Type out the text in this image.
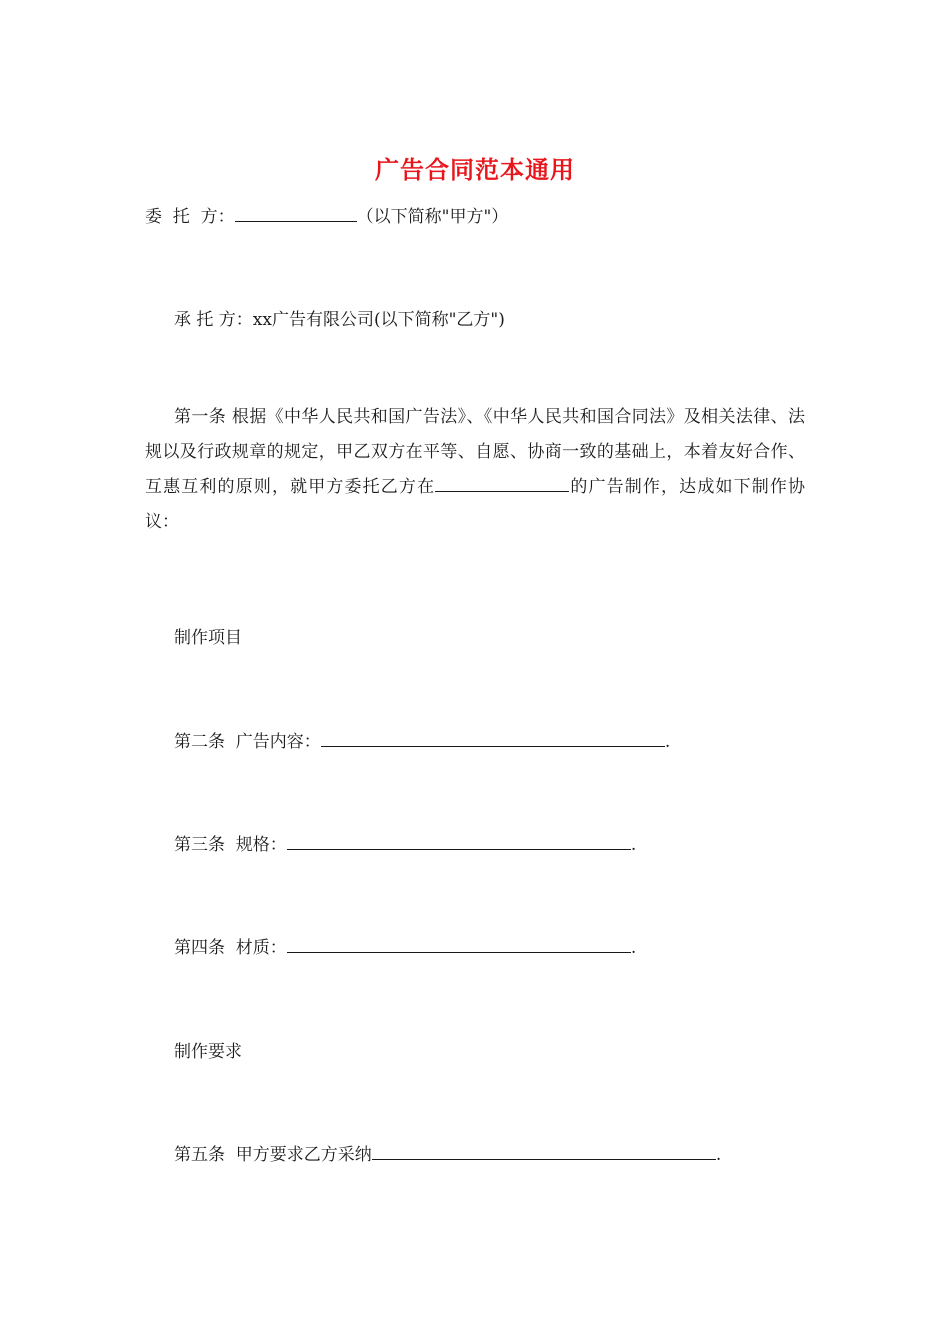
广告合同范本通用
委  托  方：	（以下简称"甲方"）
承 托 方：xx广告有限公司(以下简称"乙方")
第一条 根据《中华人民共和国广告法》、《中华人民共和国合同法》及相关法律、法规以及行政规章的规定，甲乙双方在平等、自愿、协商一致的基础上，本着友好合作、互惠互利的原则，就甲方委托乙方在	的广告制作，达成如下制作协议：
制作项目
第二条  广告内容：	.
第三条  规格：	.
第四条  材质：	.
制作要求
第五条  甲方要求乙方采纳	.
